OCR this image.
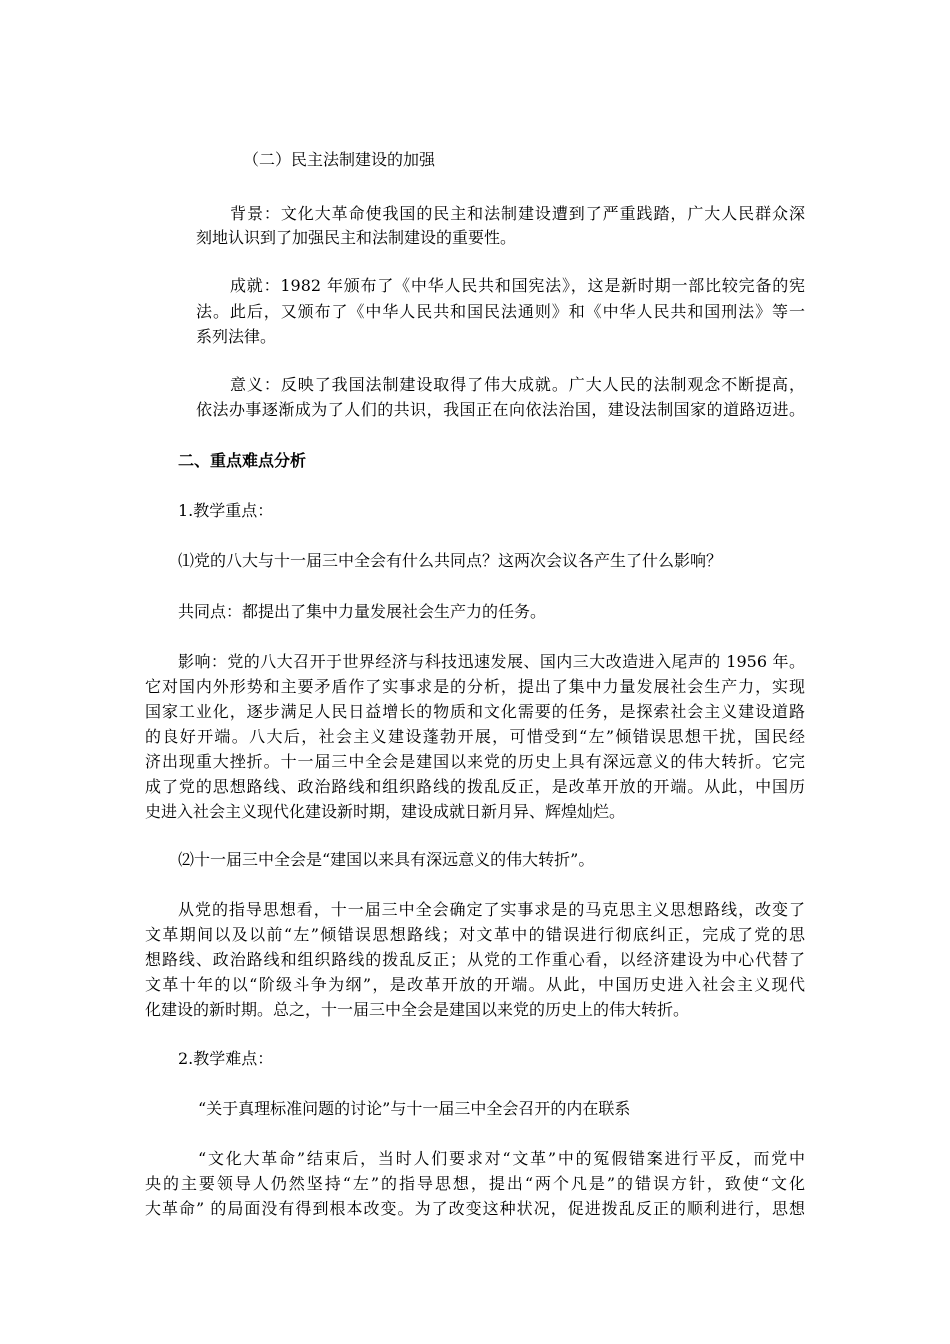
（二）民主法制建设的加强
背景：文化大革命使我国的民主和法制建设遭到了严重践踏，广大人民群众深
刻地认识到了加强民主和法制建设的重要性。
成就：1982 年颁布了《中华人民共和国宪法》，这是新时期一部比较完备的宪
法。此后，又颁布了《中华人民共和国民法通则》和《中华人民共和国刑法》等一
系列法律。
意义：反映了我国法制建设取得了伟大成就。广大人民的法制观念不断提高，
依法办事逐渐成为了人们的共识，我国正在向依法治国，建设法制国家的道路迈进。
二、重点难点分析
1.教学重点：
⑴党的八大与十一届三中全会有什么共同点？这两次会议各产生了什么影响？
共同点：都提出了集中力量发展社会生产力的任务。
影响：党的八大召开于世界经济与科技迅速发展、国内三大改造进入尾声的 1956 年。
它对国内外形势和主要矛盾作了实事求是的分析，提出了集中力量发展社会生产力，实现
国家工业化，逐步满足人民日益增长的物质和文化需要的任务，是探索社会主义建设道路
的良好开端。八大后，社会主义建设蓬勃开展，可惜受到“左”倾错误思想干扰，国民经
济出现重大挫折。十一届三中全会是建国以来党的历史上具有深远意义的伟大转折。它完
成了党的思想路线、政治路线和组织路线的拨乱反正，是改革开放的开端。从此，中国历
史进入社会主义现代化建设新时期，建设成就日新月异、辉煌灿烂。
⑵十一届三中全会是“建国以来具有深远意义的伟大转折”。
从党的指导思想看，十一届三中全会确定了实事求是的马克思主义思想路线，改变了
文革期间以及以前“左”倾错误思想路线；对文革中的错误进行彻底纠正，完成了党的思
想路线、政治路线和组织路线的拨乱反正；从党的工作重心看，以经济建设为中心代替了
文革十年的以“阶级斗争为纲”，是改革开放的开端。从此，中国历史进入社会主义现代
化建设的新时期。总之，十一届三中全会是建国以来党的历史上的伟大转折。
2.教学难点：
“关于真理标准问题的讨论”与十一届三中全会召开的内在联系
“文化大革命”结束后，当时人们要求对“文革”中的冤假错案进行平反，而党中
央的主要领导人仍然坚持“左”的指导思想，提出“两个凡是”的错误方针，致使“文化
大革命” 的局面没有得到根本改变。为了改变这种状况，促进拨乱反正的顺利进行，思想
